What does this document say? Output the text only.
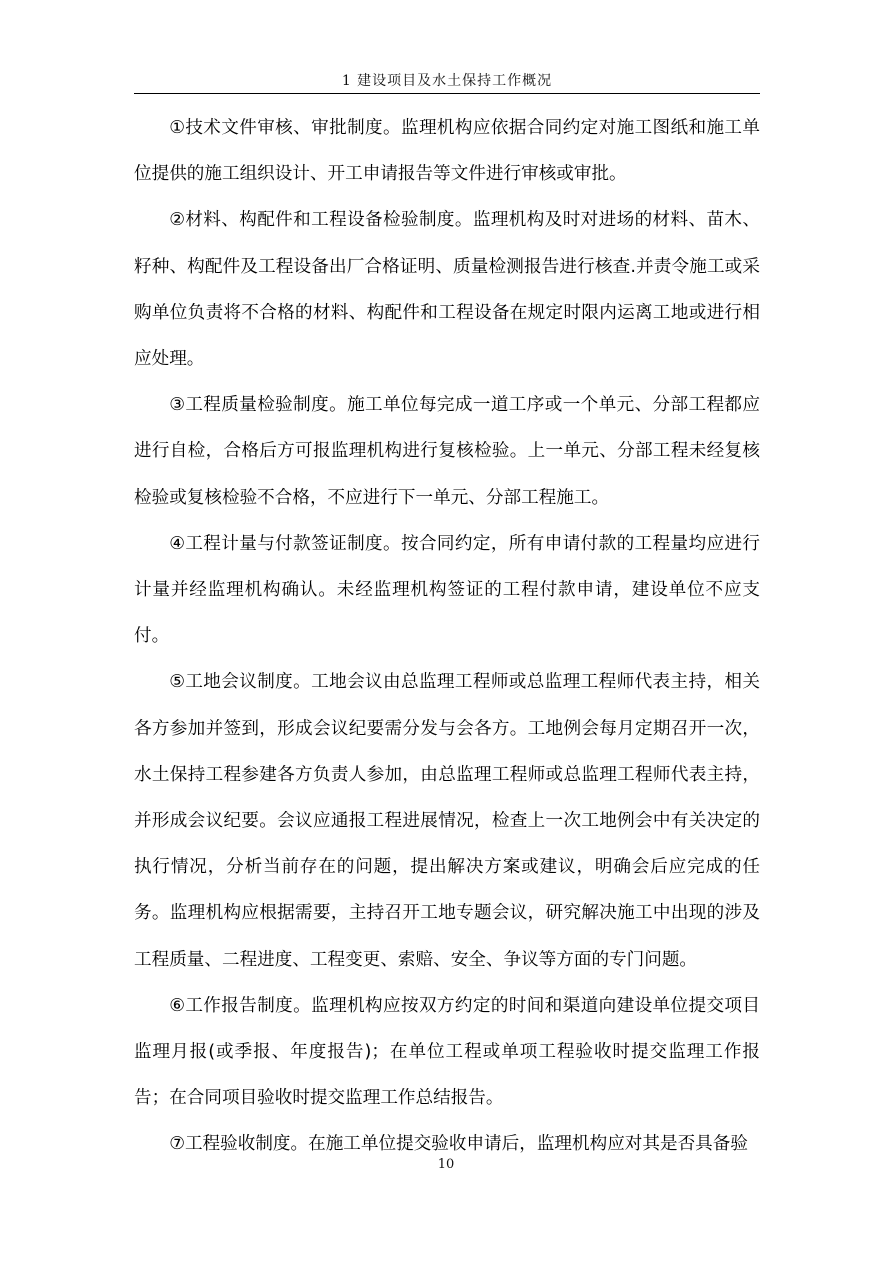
1 建设项目及水土保持工作概况

①技术文件审核、审批制度。监理机构应依据合同约定对施工图纸和施工单位提供的施工组织设计、开工申请报告等文件进行审核或审批。

②材料、构配件和工程设备检验制度。监理机构及时对进场的材料、苗木、籽种、构配件及工程设备出厂合格证明、质量检测报告进行核查.并责令施工或采购单位负责将不合格的材料、构配件和工程设备在规定时限内运离工地或进行相应处理。

③工程质量检验制度。施工单位每完成一道工序或一个单元、分部工程都应进行自检，合格后方可报监理机构进行复核检验。上一单元、分部工程未经复核检验或复核检验不合格，不应进行下一单元、分部工程施工。

④工程计量与付款签证制度。按合同约定，所有申请付款的工程量均应进行计量并经监理机构确认。未经监理机构签证的工程付款申请，建设单位不应支付。

⑤工地会议制度。工地会议由总监理工程师或总监理工程师代表主持，相关各方参加并签到，形成会议纪要需分发与会各方。工地例会每月定期召开一次，水土保持工程参建各方负责人参加，由总监理工程师或总监理工程师代表主持，并形成会议纪要。会议应通报工程进展情况，检查上一次工地例会中有关决定的执行情况，分析当前存在的问题，提出解决方案或建议，明确会后应完成的任务。监理机构应根据需要，主持召开工地专题会议，研究解决施工中出现的涉及工程质量、二程进度、工程变更、索赔、安全、争议等方面的专门问题。

⑥工作报告制度。监理机构应按双方约定的时间和渠道向建设单位提交项目监理月报(或季报、年度报告)；在单位工程或单项工程验收时提交监理工作报告；在合同项目验收时提交监理工作总结报告。

⑦工程验收制度。在施工单位提交验收申请后，监理机构应对其是否具备验

10
